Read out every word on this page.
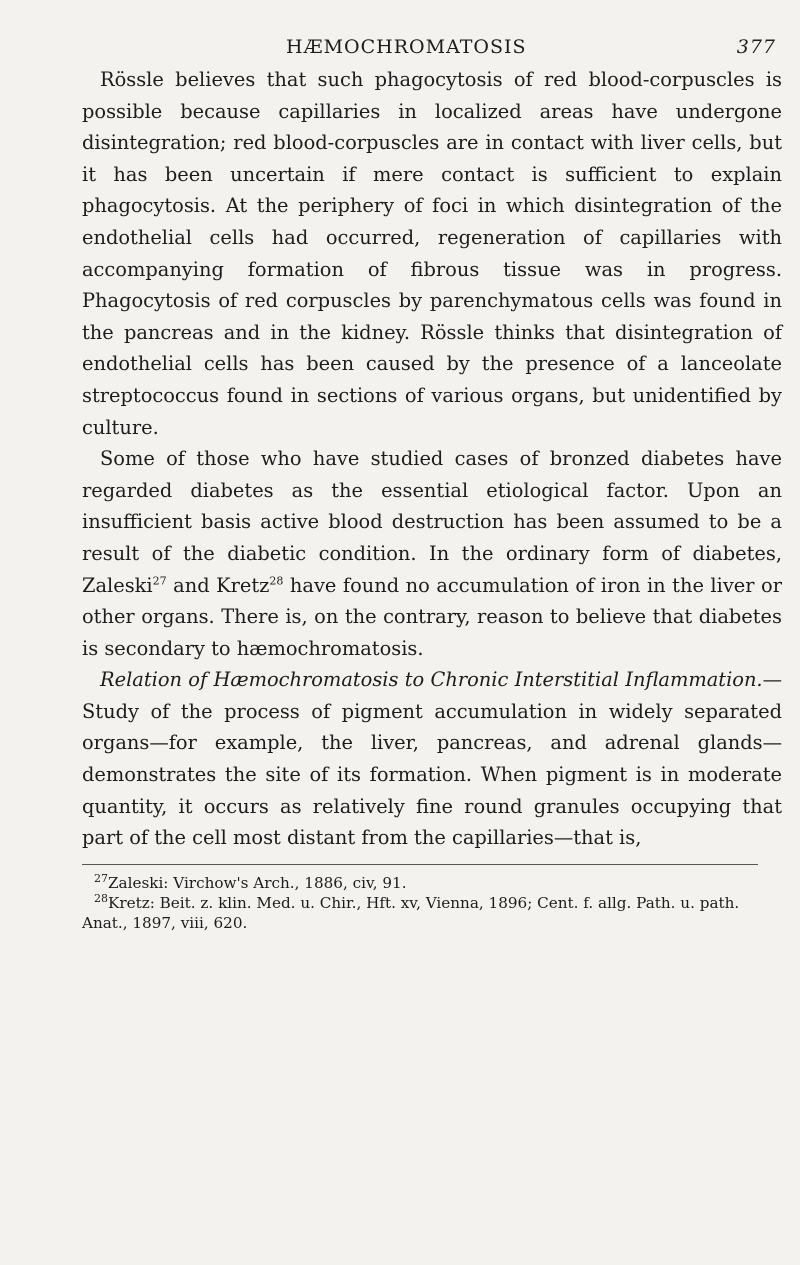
HÆMOCHROMATOSIS	377

Rössle believes that such phagocytosis of red blood-corpuscles is possible because capillaries in localized areas have undergone disintegration; red blood-corpuscles are in contact with liver cells, but it has been uncertain if mere contact is sufficient to explain phagocytosis. At the periphery of foci in which disintegration of the endothelial cells had occurred, regeneration of capillaries with accompanying formation of fibrous tissue was in progress. Phagocytosis of red corpuscles by parenchymatous cells was found in the pancreas and in the kidney. Rössle thinks that disintegration of endothelial cells has been caused by the presence of a lanceolate streptococcus found in sections of various organs, but unidentified by culture.

Some of those who have studied cases of bronzed diabetes have regarded diabetes as the essential etiological factor. Upon an insufficient basis active blood destruction has been assumed to be a result of the diabetic condition. In the ordinary form of diabetes, Zaleski$^{27}$ and Kretz$^{28}$ have found no accumulation of iron in the liver or other organs. There is, on the contrary, reason to believe that diabetes is secondary to hæmochromatosis.

Relation of Hæmochromatosis to Chronic Interstitial Inflammation.—Study of the process of pigment accumulation in widely separated organs—for example, the liver, pancreas, and adrenal glands—demonstrates the site of its formation. When pigment is in moderate quantity, it occurs as relatively fine round granules occupying that part of the cell most distant from the capillaries—that is,

$^{27}$Zaleski: Virchow's Arch., 1886, civ, 91.

$^{28}$Kretz: Beit. z. klin. Med. u. Chir., Hft. xv, Vienna, 1896; Cent. f. allg. Path. u. path. Anat., 1897, viii, 620.
